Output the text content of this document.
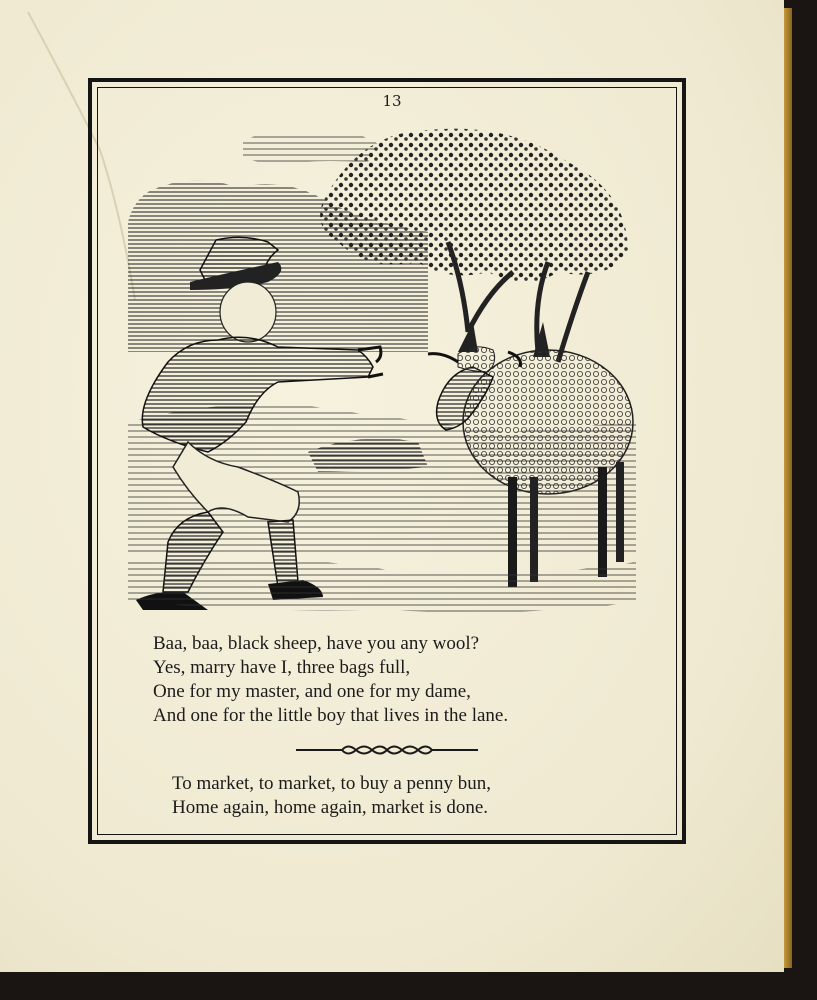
13
Baa, baa, black sheep, have you any wool?
Yes, marry have I, three bags full,
One for my master, and one for my dame,
And one for the little boy that lives in the lane.
To market, to market, to buy a penny bun,
Home again, home again, market is done.
